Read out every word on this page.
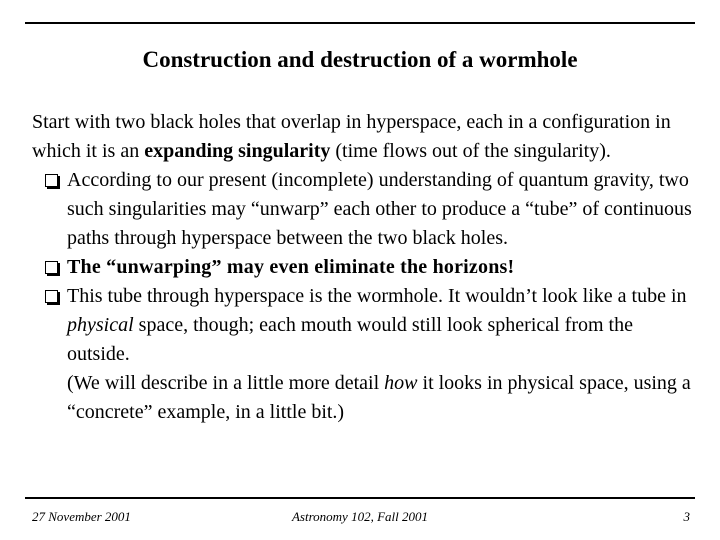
Construction and destruction of a wormhole

Start with two black holes that overlap in hyperspace, each in a configuration in which it is an expanding singularity (time flows out of the singularity).

According to our present (incomplete) understanding of quantum gravity, two such singularities may “unwarp” each other to produce a “tube” of continuous paths through hyperspace between the two black holes.
The “unwarping” may even eliminate the horizons!
This tube through hyperspace is the wormhole. It wouldn’t look like a tube in physical space, though; each mouth would still look spherical from the outside.
(We will describe in a little more detail how it looks in physical space, using a “concrete” example, in a little bit.)
27 November 2001	Astronomy 102, Fall 2001	3
